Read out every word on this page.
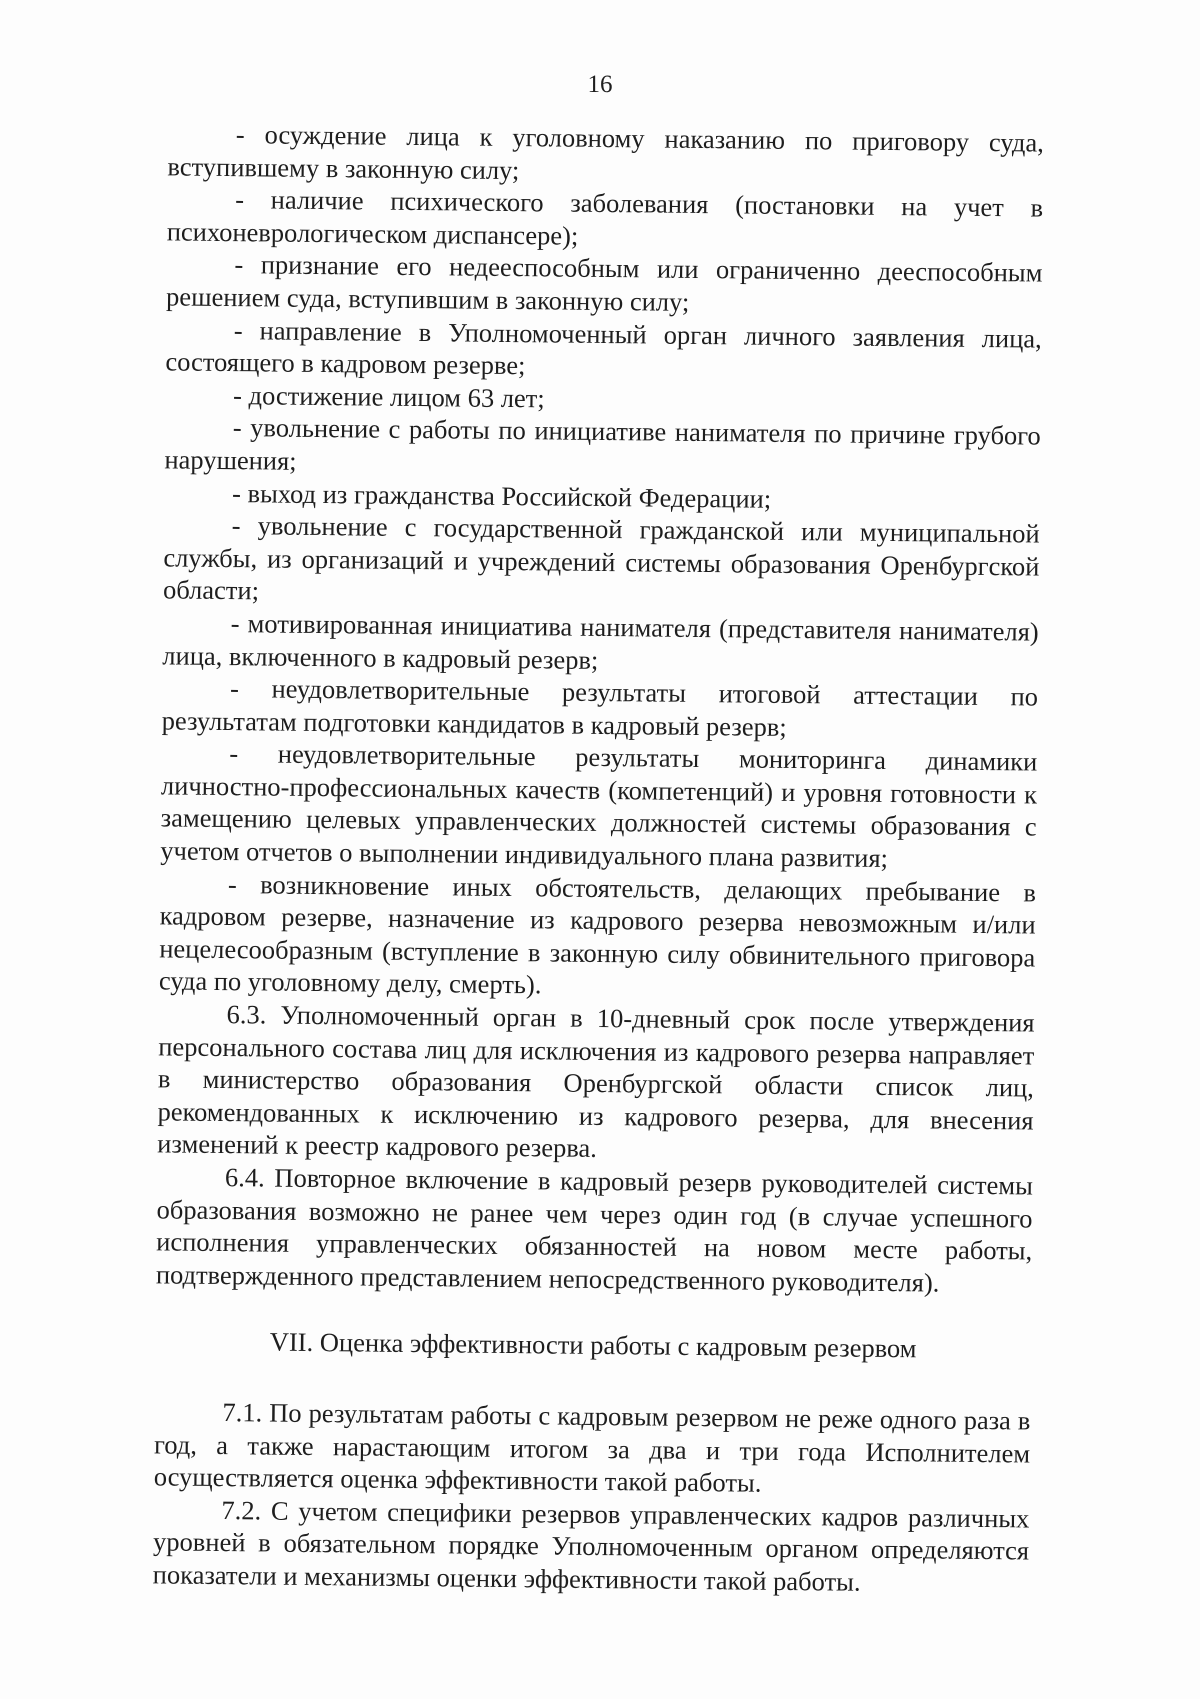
16

- осуждение лица к уголовному наказанию по приговору суда, вступившему в законную силу;

- наличие психического заболевания (постановки на учет в психоневрологическом диспансере);

- признание его недееспособным или ограниченно дееспособным решением суда, вступившим в законную силу;

- направление в Уполномоченный орган личного заявления лица, состоящего в кадровом резерве;

- достижение лицом 63 лет;

- увольнение с работы по инициативе нанимателя по причине грубого нарушения;

- выход из гражданства Российской Федерации;

- увольнение с государственной гражданской или муниципальной службы, из организаций и учреждений системы образования Оренбургской области;

- мотивированная инициатива нанимателя (представителя нанимателя) лица, включенного в кадровый резерв;

- неудовлетворительные результаты итоговой аттестации по результатам подготовки кандидатов в кадровый резерв;

- неудовлетворительные результаты мониторинга динамики личностно-профессиональных качеств (компетенций) и уровня готовности к замещению целевых управленческих должностей системы образования с учетом отчетов о выполнении индивидуального плана развития;

- возникновение иных обстоятельств, делающих пребывание в кадровом резерве, назначение из кадрового резерва невозможным и/или нецелесообразным (вступление в законную силу обвинительного приговора суда по уголовному делу, смерть).

6.3. Уполномоченный орган в 10-дневный срок после утверждения персонального состава лиц для исключения из кадрового резерва направляет в министерство образования Оренбургской области список лиц, рекомендованных к исключению из кадрового резерва, для внесения изменений к реестр кадрового резерва.

6.4. Повторное включение в кадровый резерв руководителей системы образования возможно не ранее чем через один год (в случае успешного исполнения управленческих обязанностей на новом месте работы, подтвержденного представлением непосредственного руководителя).

VII. Оценка эффективности работы с кадровым резервом

7.1. По результатам работы с кадровым резервом не реже одного раза в год, а также нарастающим итогом за два и три года Исполнителем осуществляется оценка эффективности такой работы.

7.2. С учетом специфики резервов управленческих кадров различных уровней в обязательном порядке Уполномоченным органом определяются показатели и механизмы оценки эффективности такой работы.
